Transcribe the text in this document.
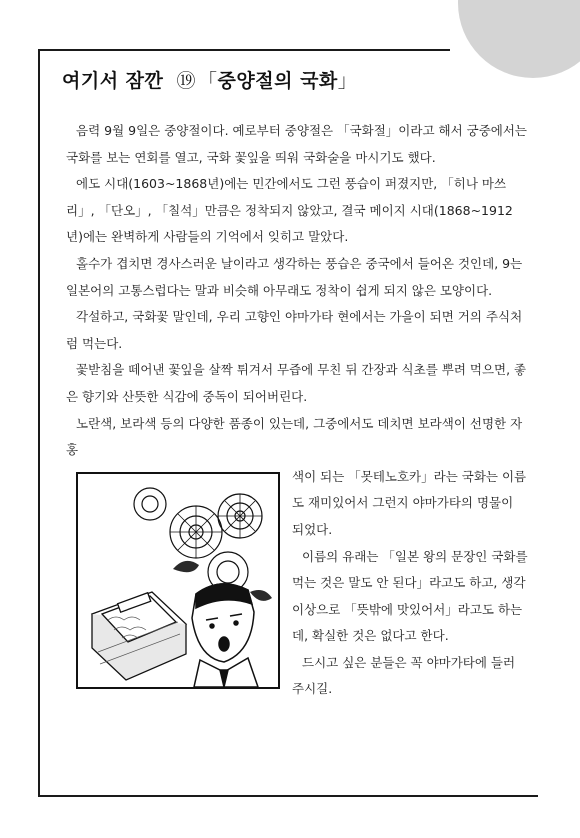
여기서 잠깐 ⑲ 「중양절의 국화」

음력 9월 9일은 중양절이다. 예로부터 중양절은 「국화절」이라고 해서 궁중에서는 국화를 보는 연회를 열고, 국화 꽃잎을 띄워 국화술을 마시기도 했다.

에도 시대(1603~1868년)에는 민간에서도 그런 풍습이 퍼졌지만, 「히나 마쓰리」, 「단오」, 「칠석」만큼은 정착되지 않았고, 결국 메이지 시대(1868~1912년)에는 완벽하게 사람들의 기억에서 잊히고 말았다.

홀수가 겹치면 경사스러운 날이라고 생각하는 풍습은 중국에서 들어온 것인데, 9는 일본어의 고통스럽다는 말과 비슷해 아무래도 정착이 쉽게 되지 않은 모양이다.

각설하고, 국화꽃 말인데, 우리 고향인 야마가타 현에서는 가을이 되면 거의 주식처럼 먹는다.

꽃받침을 떼어낸 꽃잎을 살짝 튀겨서 무즙에 무친 뒤 간장과 식초를 뿌려 먹으면, 좋은 향기와 산뜻한 식감에 중독이 되어버린다.

노란색, 보라색 등의 다양한 품종이 있는데, 그중에서도 데치면 보라색이 선명한 자홍

색이 되는 「못테노호카」라는 국화는 이름도 재미있어서 그런지 야마가타의 명물이 되었다.

이름의 유래는 「일본 왕의 문장인 국화를 먹는 것은 말도 안 된다」라고도 하고, 생각 이상으로 「뜻밖에 맛있어서」라고도 하는데, 확실한 것은 없다고 한다.

드시고 싶은 분들은 꼭 야마가타에 들러 주시길.
